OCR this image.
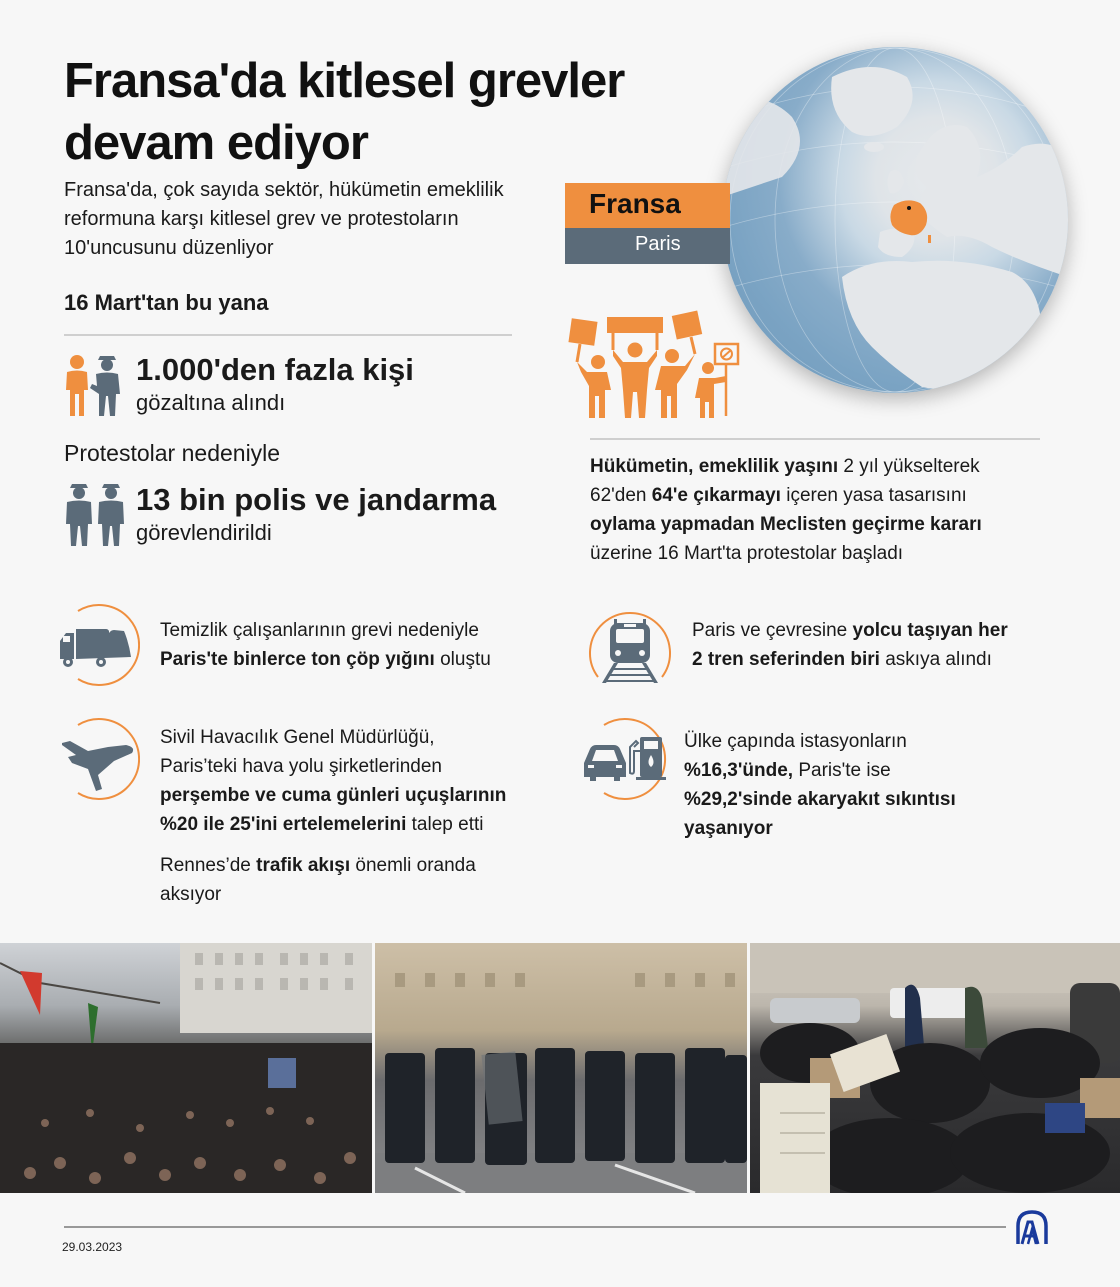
Fransa'da kitlesel grevler
devam ediyor
Fransa'da, çok sayıda sektör, hükümetin emeklilik reformuna karşı kitlesel grev ve protestoların 10'uncusunu düzenliyor
Fransa
Paris
16 Mart'tan bu yana
1.000'den fazla kişi
gözaltına alındı
Protestolar nedeniyle
13 bin polis ve jandarma
görevlendirildi
Hükümetin, emeklilik yaşını 2 yıl yükselterek
62'den 64'e çıkarmayı içeren yasa tasarısını
oylama yapmadan Meclisten geçirme kararı
üzerine 16 Mart'ta protestolar başladı
Temizlik çalışanlarının grevi nedeniyle
Paris'te binlerce ton çöp yığını oluştu
Paris ve çevresine yolcu taşıyan her
2 tren seferinden biri askıya alındı
Sivil Havacılık Genel Müdürlüğü,
Paris’teki hava yolu şirketlerinden
perşembe ve cuma günleri uçuşlarının
%20 ile 25'ini ertelemelerini talep etti
Rennes’de trafik akışı önemli oranda
aksıyor
Ülke çapında istasyonların
%16,3'ünde, Paris'te ise
%29,2'sinde akaryakıt sıkıntısı
yaşanıyor
29.03.2023
